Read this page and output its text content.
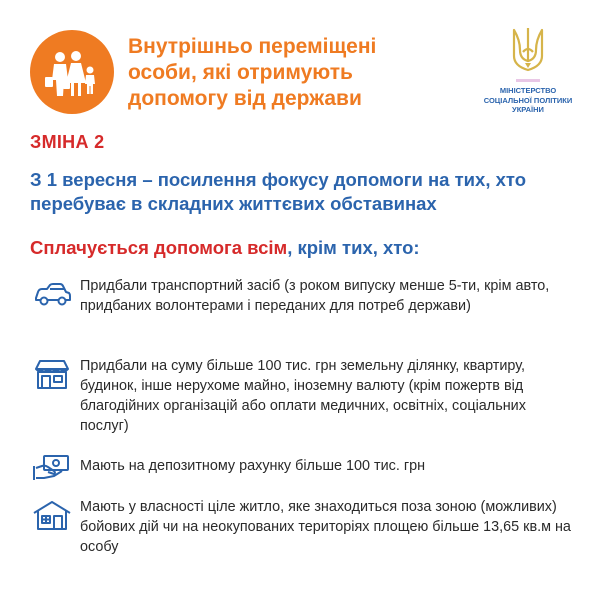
Внутрішньо переміщені
особи, які отримують
допомогу від держави	МІНІСТЕРСТВО
СОЦІАЛЬНОЇ ПОЛІТИКИ
УКРАЇНИ
ЗМІНА 2

З 1 вересня – посилення фокусу допомоги на тих, хто перебуває в складних життєвих обставинах

Сплачується допомога всім, крім тих, хто:

Придбали транспортний засіб (з роком випуску менше 5-ти, крім авто, придбаних волонтерами і переданих для потреб держави)

Придбали на суму більше 100 тис. грн земельну ділянку, квартиру, будинок, інше нерухоме майно, іноземну валюту (крім пожертв від благодійних організацій або оплати медичних, освітніх, соціальних послуг)

Мають на депозитному рахунку більше 100 тис. грн

Мають у власності ціле житло, яке знаходиться поза зоною (можливих) бойових дій чи на неокупованих територіях площею більше 13,65 кв.м на особу
